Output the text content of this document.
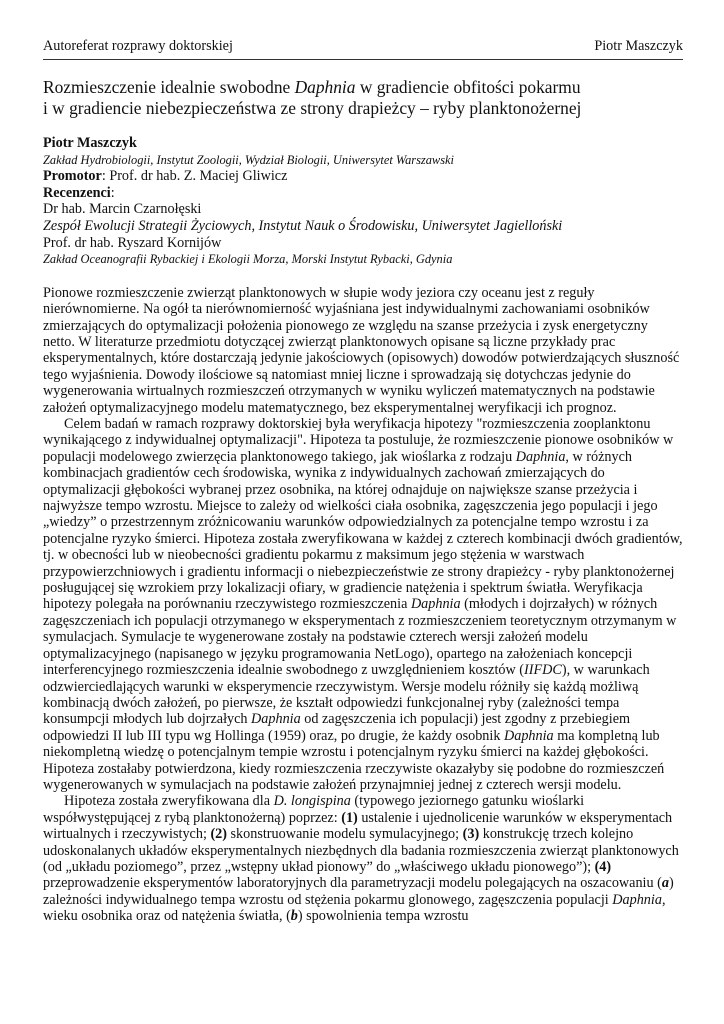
Autoreferat rozprawy doktorskiej	Piotr Maszczyk
Rozmieszczenie idealnie swobodne Daphnia w gradiencie obfitości pokarmu
i w gradiencie niebezpieczeństwa ze strony drapieżcy – ryby planktonożernej
Piotr Maszczyk
Zakład Hydrobiologii, Instytut Zoologii, Wydział Biologii, Uniwersytet Warszawski
Promotor: Prof. dr hab. Z. Maciej Gliwicz
Recenzenci:
Dr hab. Marcin Czarnołęski
Zespół Ewolucji Strategii Życiowych, Instytut Nauk o Środowisku, Uniwersytet Jagielloński
Prof. dr hab. Ryszard Kornijów
Zakład Oceanografii Rybackiej i Ekologii Morza, Morski Instytut Rybacki, Gdynia

Pionowe rozmieszczenie zwierząt planktonowych w słupie wody jeziora czy oceanu jest z reguły nierównomierne. Na ogół ta nierównomierność wyjaśniana jest indywidualnymi zachowaniami osobników zmierzających do optymalizacji położenia pionowego ze względu na szanse przeżycia i zysk energetyczny netto. W literaturze przedmiotu dotyczącej zwierząt planktonowych opisane są liczne przykłady prac eksperymentalnych, które dostarczają jedynie jakościowych (opisowych) dowodów potwierdzających słuszność tego wyjaśnienia. Dowody ilościowe są natomiast mniej liczne i sprowadzają się dotychczas jedynie do wygenerowania wirtualnych rozmieszczeń otrzymanych w wyniku wyliczeń matematycznych na podstawie założeń optymalizacyjnego modelu matematycznego, bez eksperymentalnej weryfikacji ich prognoz.

Celem badań w ramach rozprawy doktorskiej była weryfikacja hipotezy "rozmieszczenia zooplanktonu wynikającego z indywidualnej optymalizacji". Hipoteza ta postuluje, że rozmieszczenie pionowe osobników w populacji modelowego zwierzęcia planktonowego takiego, jak wioślarka z rodzaju Daphnia, w różnych kombinacjach gradientów cech środowiska, wynika z indywidualnych zachowań zmierzających do optymalizacji głębokości wybranej przez osobnika, na której odnajduje on największe szanse przeżycia i najwyższe tempo wzrostu. Miejsce to zależy od wielkości ciała osobnika, zagęszczenia jego populacji i jego „wiedzy” o przestrzennym zróżnicowaniu warunków odpowiedzialnych za potencjalne tempo wzrostu i za potencjalne ryzyko śmierci. Hipoteza została zweryfikowana w każdej z czterech kombinacji dwóch gradientów, tj. w obecności lub w nieobecności gradientu pokarmu z maksimum jego stężenia w warstwach przypowierzchniowych i gradientu informacji o niebezpieczeństwie ze strony drapieżcy - ryby planktonożernej posługującej się wzrokiem przy lokalizacji ofiary, w gradiencie natężenia i spektrum światła. Weryfikacja hipotezy polegała na porównaniu rzeczywistego rozmieszczenia Daphnia (młodych i dojrzałych) w różnych zagęszczeniach ich populacji otrzymanego w eksperymentach z rozmieszczeniem teoretycznym otrzymanym w symulacjach. Symulacje te wygenerowane zostały na podstawie czterech wersji założeń modelu optymalizacyjnego (napisanego w języku programowania NetLogo), opartego na założeniach koncepcji interferencyjnego rozmieszczenia idealnie swobodnego z uwzględnieniem kosztów (IIFDC), w warunkach odzwierciedlających warunki w eksperymencie rzeczywistym. Wersje modelu różniły się każdą możliwą kombinacją dwóch założeń, po pierwsze, że kształt odpowiedzi funkcjonalnej ryby (zależności tempa konsumpcji młodych lub dojrzałych Daphnia od zagęszczenia ich populacji) jest zgodny z przebiegiem odpowiedzi II lub III typu wg Hollinga (1959) oraz, po drugie, że każdy osobnik Daphnia ma kompletną lub niekompletną wiedzę o potencjalnym tempie wzrostu i potencjalnym ryzyku śmierci na każdej głębokości. Hipoteza zostałaby potwierdzona, kiedy rozmieszczenia rzeczywiste okazałyby się podobne do rozmieszczeń wygenerowanych w symulacjach na podstawie założeń przynajmniej jednej z czterech wersji modelu.

Hipoteza została zweryfikowana dla D. longispina (typowego jeziornego gatunku wioślarki współwystępującej z rybą planktonożerną) poprzez: (1) ustalenie i ujednolicenie warunków w eksperymentach wirtualnych i rzeczywistych; (2) skonstruowanie modelu symulacyjnego; (3) konstrukcję trzech kolejno udoskonalanych układów eksperymentalnych niezbędnych dla badania rozmieszczenia zwierząt planktonowych (od „układu poziomego”, przez „wstępny układ pionowy” do „właściwego układu pionowego”); (4) przeprowadzenie eksperymentów laboratoryjnych dla parametryzacji modelu polegających na oszacowaniu (a) zależności indywidualnego tempa wzrostu od stężenia pokarmu glonowego, zagęszczenia populacji Daphnia, wieku osobnika oraz od natężenia światła, (b) spowolnienia tempa wzrostu
